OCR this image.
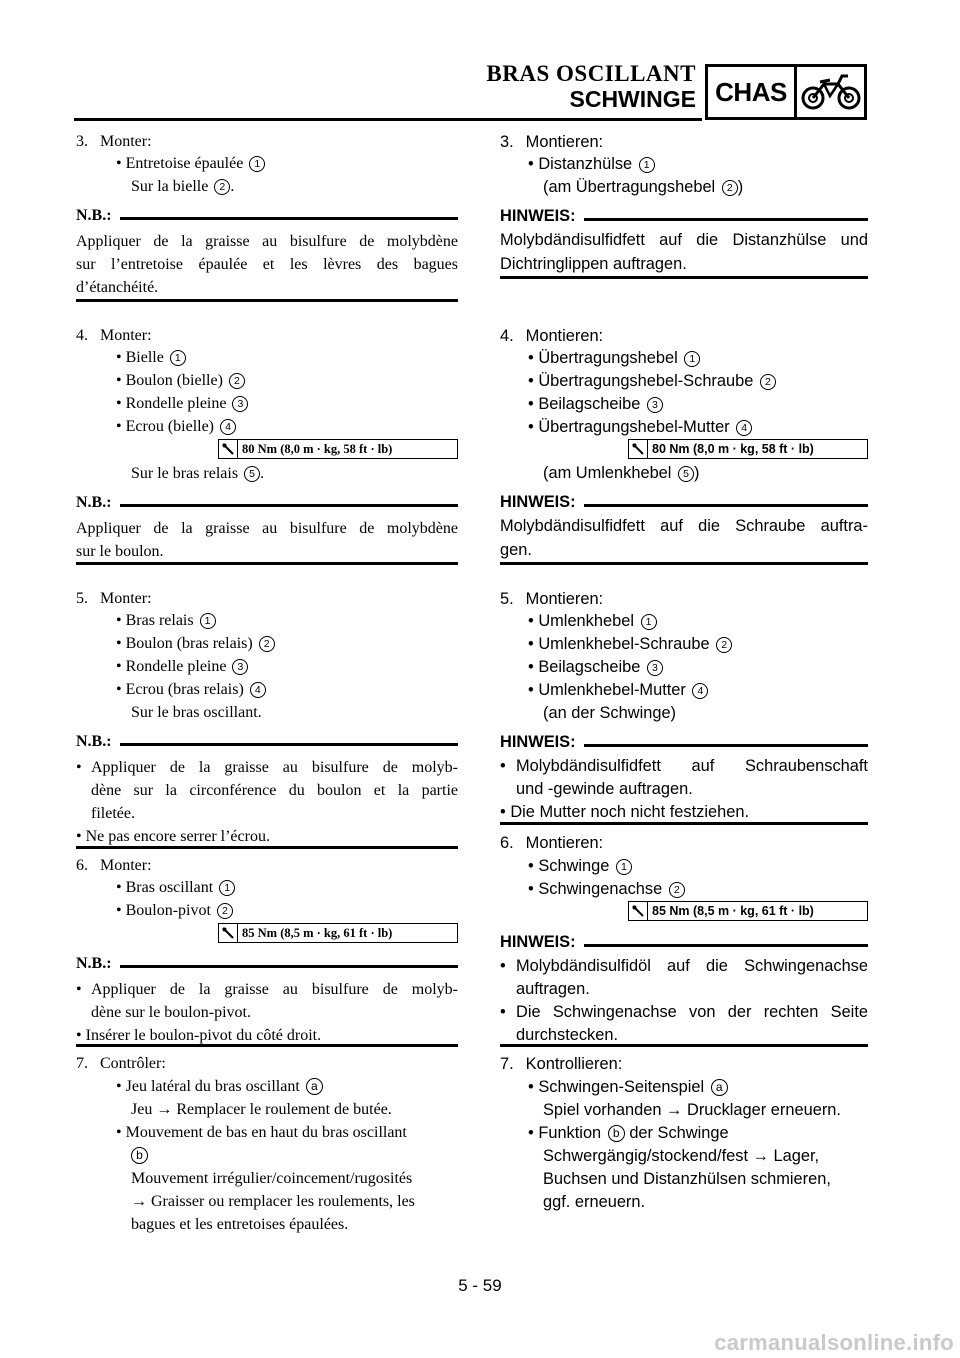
BRAS OSCILLANT
SCHWINGE CHAS
3. Monter:
• Entretoise épaulée 1
Sur la bielle 2 .
N.B.:
Appliquer de la graisse au bisulfure de molybdène
sur l’entretoise épaulée et les lèvres des bagues
d’étanchéité.
4. Monter:
• Bielle 1
• Boulon (bielle) 2
• Rondelle pleine 3
• Ecrou (bielle) 4
80 Nm (8,0 m · kg, 58 ft · lb)
Sur le bras relais 5 .
N.B.:
Appliquer de la graisse au bisulfure de molybdène
sur le boulon.
5. Monter:
• Bras relais 1
• Boulon (bras relais) 2
• Rondelle pleine 3
• Ecrou (bras relais) 4
Sur le bras oscillant.
N.B.:
• Appliquer de la graisse au bisulfure de molyb-
dène sur la circonférence du boulon et la partie
filetée.
• Ne pas encore serrer l’écrou.
6. Monter:
• Bras oscillant 1
• Boulon-pivot 2
85 Nm (8,5 m · kg, 61 ft · lb)
N.B.:
• Appliquer de la graisse au bisulfure de molyb-
dène sur le boulon-pivot.
• Insérer le boulon-pivot du côté droit.
7. Contrôler:
• Jeu latéral du bras oscillant a
Jeu → Remplacer le roulement de butée.
• Mouvement de bas en haut du bras oscillant
b
Mouvement irrégulier/coincement/rugosités
→ Graisser ou remplacer les roulements, les
bagues et les entretoises épaulées.
3. Montieren:
• Distanzhülse 1
(am Übertragungshebel 2 )
HINWEIS:
Molybdändisulfidfett auf die Distanzhülse und
Dichtringlippen auftragen.
4. Montieren:
• Übertragungshebel 1
• Übertragungshebel-Schraube 2
• Beilagscheibe 3
• Übertragungshebel-Mutter 4
80 Nm (8,0 m · kg, 58 ft · lb)
(am Umlenkhebel 5 )
HINWEIS:
Molybdändisulfidfett auf die Schraube auftra-
gen.
5. Montieren:
• Umlenkhebel 1
• Umlenkhebel-Schraube 2
• Beilagscheibe 3
• Umlenkhebel-Mutter 4
(an der Schwinge)
HINWEIS:
• Molybdändisulfidfett auf Schraubenschaft
und -gewinde auftragen.
• Die Mutter noch nicht festziehen.
6. Montieren:
• Schwinge 1
• Schwingenachse 2
85 Nm (8,5 m · kg, 61 ft · lb)
HINWEIS:
• Molybdändisulfidöl auf die Schwingenachse
auftragen.
• Die Schwingenachse von der rechten Seite
durchstecken.
7. Kontrollieren:
• Schwingen-Seitenspiel a
Spiel vorhanden → Drucklager erneuern.
• Funktion b der Schwinge
Schwergängig/stockend/fest → Lager,
Buchsen und Distanzhülsen schmieren,
ggf. erneuern.
5 - 59
carmanualsonline.info
